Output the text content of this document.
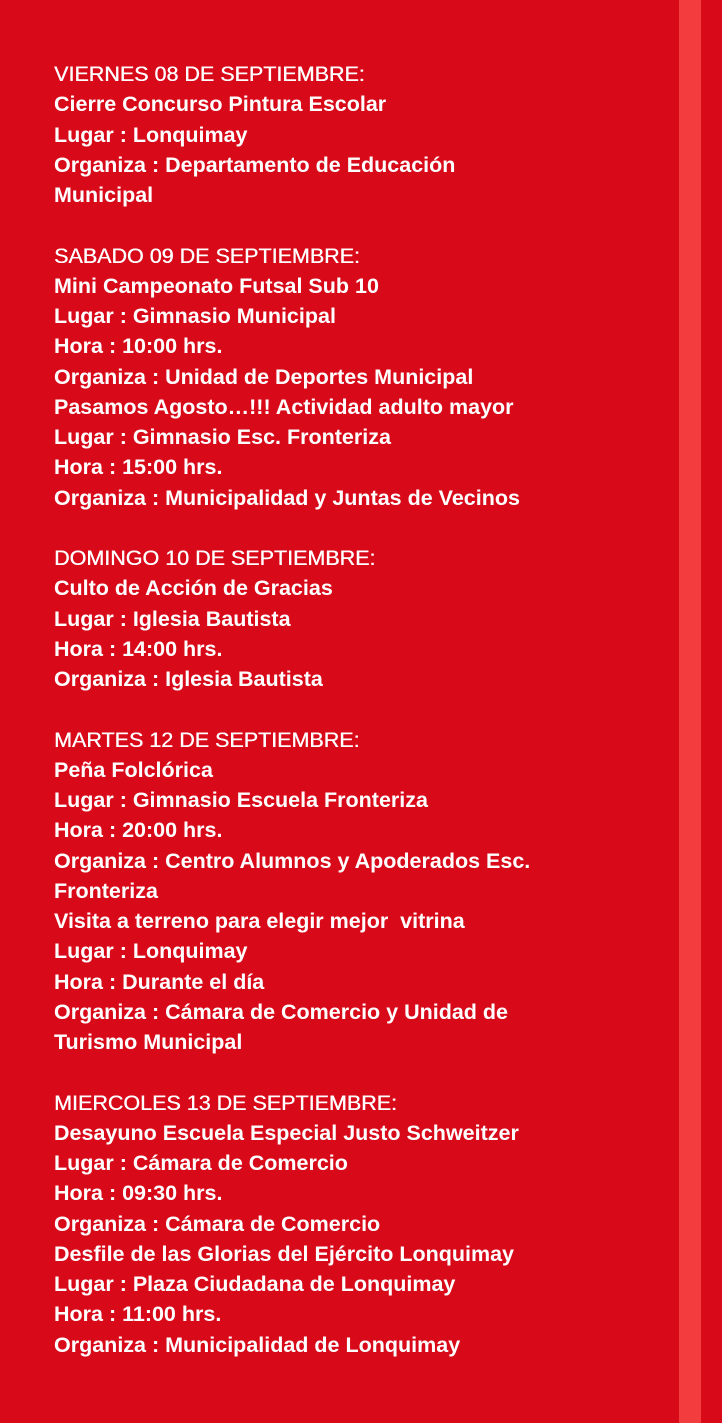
VIERNES 08 DE SEPTIEMBRE:
Cierre Concurso Pintura Escolar
Lugar : Lonquimay
Organiza : Departamento de Educación
Municipal
SABADO 09 DE SEPTIEMBRE:
Mini Campeonato Futsal Sub 10
Lugar : Gimnasio Municipal
Hora : 10:00 hrs.
Organiza : Unidad de Deportes Municipal
Pasamos Agosto…!!! Actividad adulto mayor
Lugar : Gimnasio Esc. Fronteriza
Hora : 15:00 hrs.
Organiza : Municipalidad y Juntas de Vecinos
DOMINGO 10 DE SEPTIEMBRE:
Culto de Acción de Gracias
Lugar : Iglesia Bautista
Hora : 14:00 hrs.
Organiza : Iglesia Bautista
MARTES 12 DE SEPTIEMBRE:
Peña Folclórica
Lugar : Gimnasio Escuela Fronteriza
Hora : 20:00 hrs.
Organiza : Centro Alumnos y Apoderados Esc.
Fronteriza
Visita a terreno para elegir mejor  vitrina
Lugar : Lonquimay
Hora : Durante el día
Organiza : Cámara de Comercio y Unidad de
Turismo Municipal
MIERCOLES 13 DE SEPTIEMBRE:
Desayuno Escuela Especial Justo Schweitzer
Lugar : Cámara de Comercio
Hora : 09:30 hrs.
Organiza : Cámara de Comercio
Desfile de las Glorias del Ejército Lonquimay
Lugar : Plaza Ciudadana de Lonquimay
Hora : 11:00 hrs.
Organiza : Municipalidad de Lonquimay
